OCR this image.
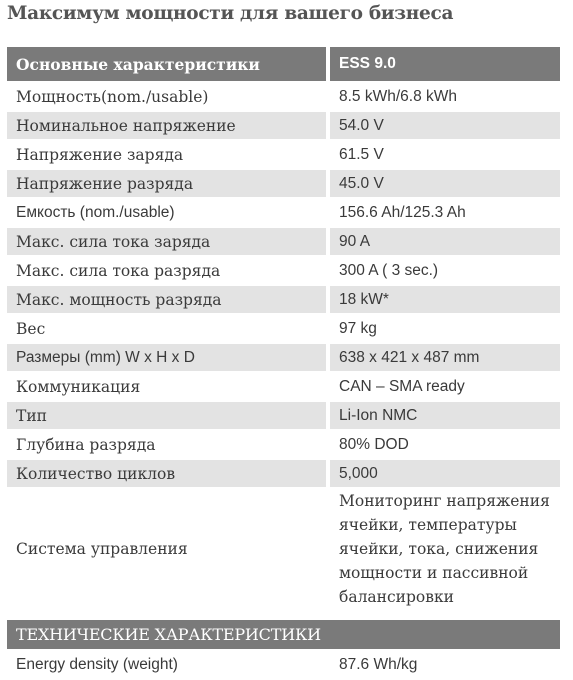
Максимум мощности для вашего бизнеса
Основные характеристики	ESS 9.0
Мощность(nom./usable)	8.5 kWh/6.8 kWh
Номинальное напряжение	54.0 V
Напряжение заряда	61.5 V
Напряжение разряда	45.0 V
Емкость (nom./usable)	156.6 Ah/125.3 Ah
Макс. сила тока заряда	90 A
Макс. сила тока разряда	300 A ( 3 sec.)
Макс. мощность разряда	18 kW*
Вес	97 kg
Размеры (mm) W x H x D	638 x 421 x 487 mm
Коммуникация	CAN – SMA ready
Тип	Li-Ion NMC
Глубина разряда	80% DOD
Количество циклов	5,000
Система управления	Мониторинг напряжения ячейки, температуры ячейки, тока, снижения мощности и пассивной балансировки

ТЕХНИЧЕСКИЕ ХАРАКТЕРИСТИКИ	
Energy density (weight)	87.6 Wh/kg
